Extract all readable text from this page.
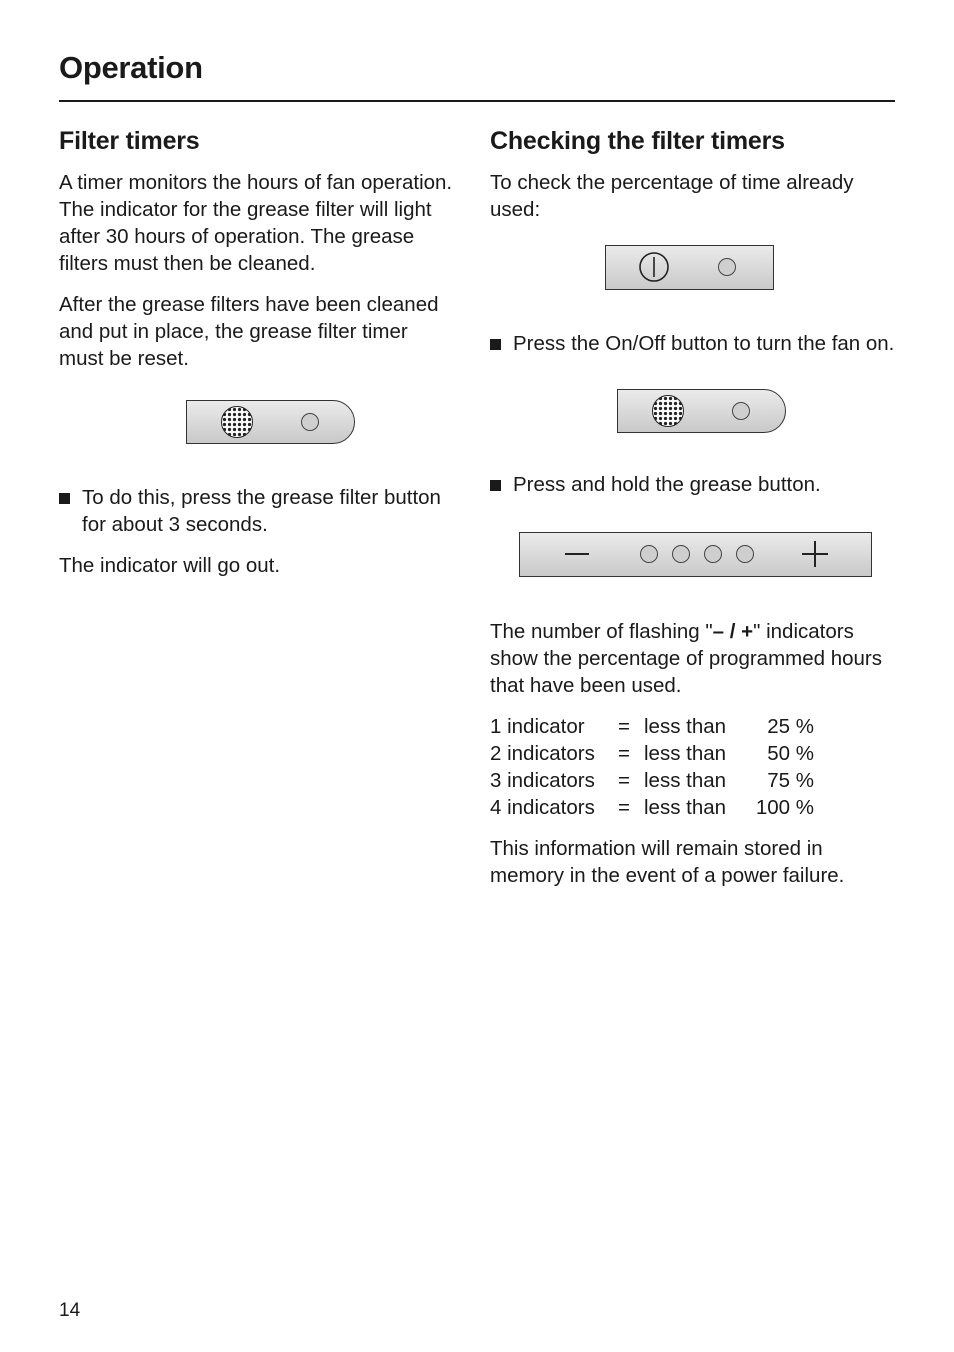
Operation
Filter timers

A timer monitors the hours of fan operation. The indicator for the grease filter will light after 30 hours of operation. The grease filters must then be cleaned.

After the grease filters have been cleaned and put in place, the grease filter timer must be reset.

To do this, press the grease filter button for about 3 seconds.

The indicator will go out.

Checking the filter timers

To check the percentage of time already used:

Press the On/Off button to turn the fan on.
Press and hold the grease button.

The number of flashing "– / +" indicators show the percentage of programmed hours that have been used.

1 indicator	= less than	25 %
2 indicators	= less than	50 %
3 indicators	= less than	75 %
4 indicators	= less than	100 %

This information will remain stored in memory in the event of a power failure.

14
